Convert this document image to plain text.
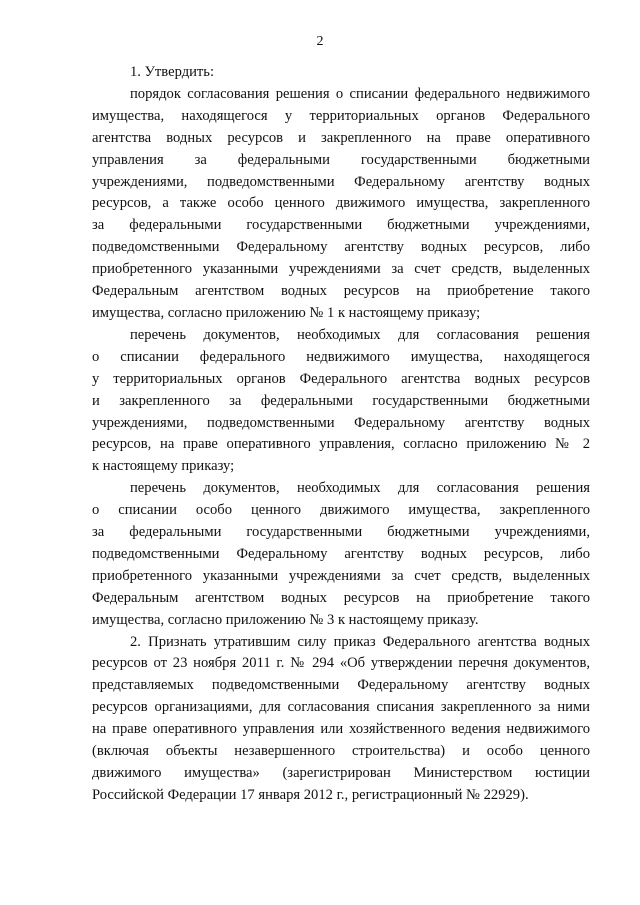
2
1. Утвердить:
порядок согласования решения о списании федерального недвижимого
имущества, находящегося у территориальных органов Федерального
агентства водных ресурсов и закрепленного на праве оперативного
управления за федеральными государственными бюджетными
учреждениями, подведомственными Федеральному агентству водных
ресурсов, а также особо ценного движимого имущества, закрепленного
за федеральными государственными бюджетными учреждениями,
подведомственными Федеральному агентству водных ресурсов, либо
приобретенного указанными учреждениями за счет средств, выделенных
Федеральным агентством водных ресурсов на приобретение такого
имущества, согласно приложению № 1 к настоящему приказу;
перечень документов, необходимых для согласования решения
о списании федерального недвижимого имущества, находящегося
у территориальных органов Федерального агентства водных ресурсов
и закрепленного за федеральными государственными бюджетными
учреждениями, подведомственными Федеральному агентству водных
ресурсов, на праве оперативного управления, согласно приложению № 2
к настоящему приказу;
перечень документов, необходимых для согласования решения
о списании особо ценного движимого имущества, закрепленного
за федеральными государственными бюджетными учреждениями,
подведомственными Федеральному агентству водных ресурсов, либо
приобретенного указанными учреждениями за счет средств, выделенных
Федеральным агентством водных ресурсов на приобретение такого
имущества, согласно приложению № 3 к настоящему приказу.
2. Признать утратившим силу приказ Федерального агентства водных
ресурсов от 23 ноября 2011 г. № 294 «Об утверждении перечня документов,
представляемых подведомственными Федеральному агентству водных
ресурсов организациями, для согласования списания закрепленного за ними
на праве оперативного управления или хозяйственного ведения недвижимого
(включая объекты незавершенного строительства) и особо ценного
движимого имущества» (зарегистрирован Министерством юстиции
Российской Федерации 17 января 2012 г., регистрационный № 22929).
